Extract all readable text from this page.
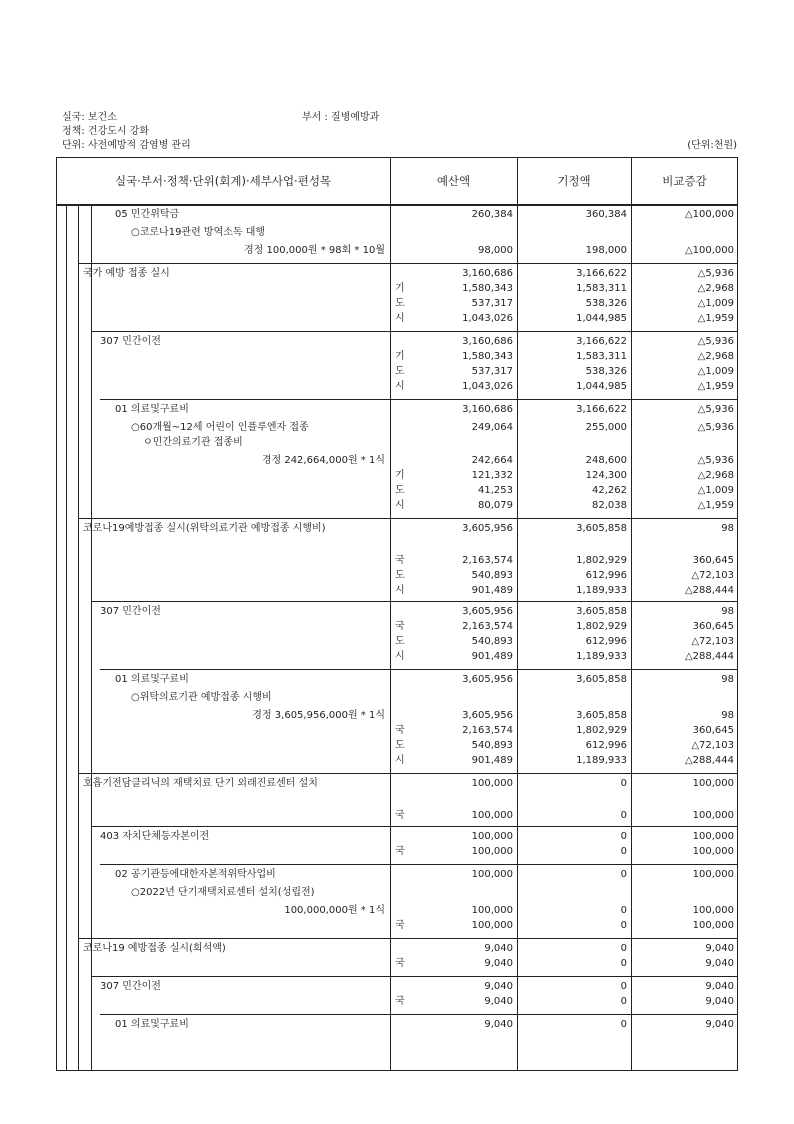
실국: 보건소	부서 : 질병예방과
정책: 건강도시 강화
단위: 사전예방적 감염병 관리	(단위:천원)
실국·부서·정책·단위(회계)·세부사업·편성목	예산액	기정액	비교증감
05 민간위탁금	260,384	360,384	△100,000
○코로나19관련 방역소독 대행
경정 100,000원 * 98회 * 10월	98,000	198,000	△100,000
국가 예방 접종 실시	3,160,686	3,166,622	△5,936
기	1,580,343	1,583,311	△2,968
도	537,317	538,326	△1,009
시	1,043,026	1,044,985	△1,959
307 민간이전	3,160,686	3,166,622	△5,936
기	1,580,343	1,583,311	△2,968
도	537,317	538,326	△1,009
시	1,043,026	1,044,985	△1,959
01 의료및구료비	3,160,686	3,166,622	△5,936
○60개월~12세 어린이 인플루엔자 접종	249,064	255,000	△5,936
ㅇ민간의료기관 접종비
경정 242,664,000원 * 1식	242,664	248,600	△5,936
기	121,332	124,300	△2,968
도	41,253	42,262	△1,009
시	80,079	82,038	△1,959
코로나19예방접종 실시(위탁의료기관 예방접종 시행비)	3,605,956	3,605,858	98
국	2,163,574	1,802,929	360,645
도	540,893	612,996	△72,103
시	901,489	1,189,933	△288,444
307 민간이전	3,605,956	3,605,858	98
국	2,163,574	1,802,929	360,645
도	540,893	612,996	△72,103
시	901,489	1,189,933	△288,444
01 의료및구료비	3,605,956	3,605,858	98
○위탁의료기관 예방접종 시행비
경정 3,605,956,000원 * 1식	3,605,956	3,605,858	98
국	2,163,574	1,802,929	360,645
도	540,893	612,996	△72,103
시	901,489	1,189,933	△288,444
호흡기전담클리닉의 재택치료 단기 외래진료센터 설치	100,000	0	100,000
국	100,000	0	100,000
403 자치단체등자본이전	100,000	0	100,000
국	100,000	0	100,000
02 공기관등에대한자본적위탁사업비	100,000	0	100,000
○2022년 단기재택치료센터 설치(성립전)
100,000,000원 * 1식	100,000	0	100,000
국	100,000	0	100,000
코로나19 예방접종 실시(희석액)	9,040	0	9,040
국	9,040	0	9,040
307 민간이전	9,040	0	9,040
국	9,040	0	9,040
01 의료및구료비	9,040	0	9,040
